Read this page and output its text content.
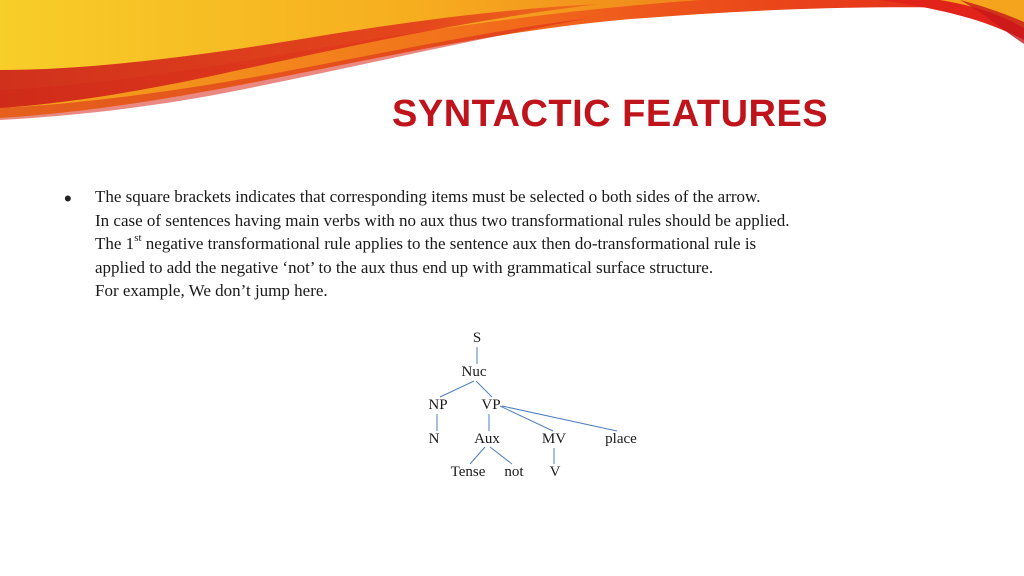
SYNTACTIC FEATURES
• The square brackets indicates that corresponding items must be selected o both sides of the arrow.

In case of sentences having main verbs with no aux thus two transformational rules should be applied.

The 1st negative transformational rule applies to the sentence aux then do-transformational rule is

applied to add the negative ‘not’ to the aux thus end up with grammatical surface structure.

For example, We don’t jump here.

S
Nuc
NP VP
N Aux	MV	place
Tense not V
